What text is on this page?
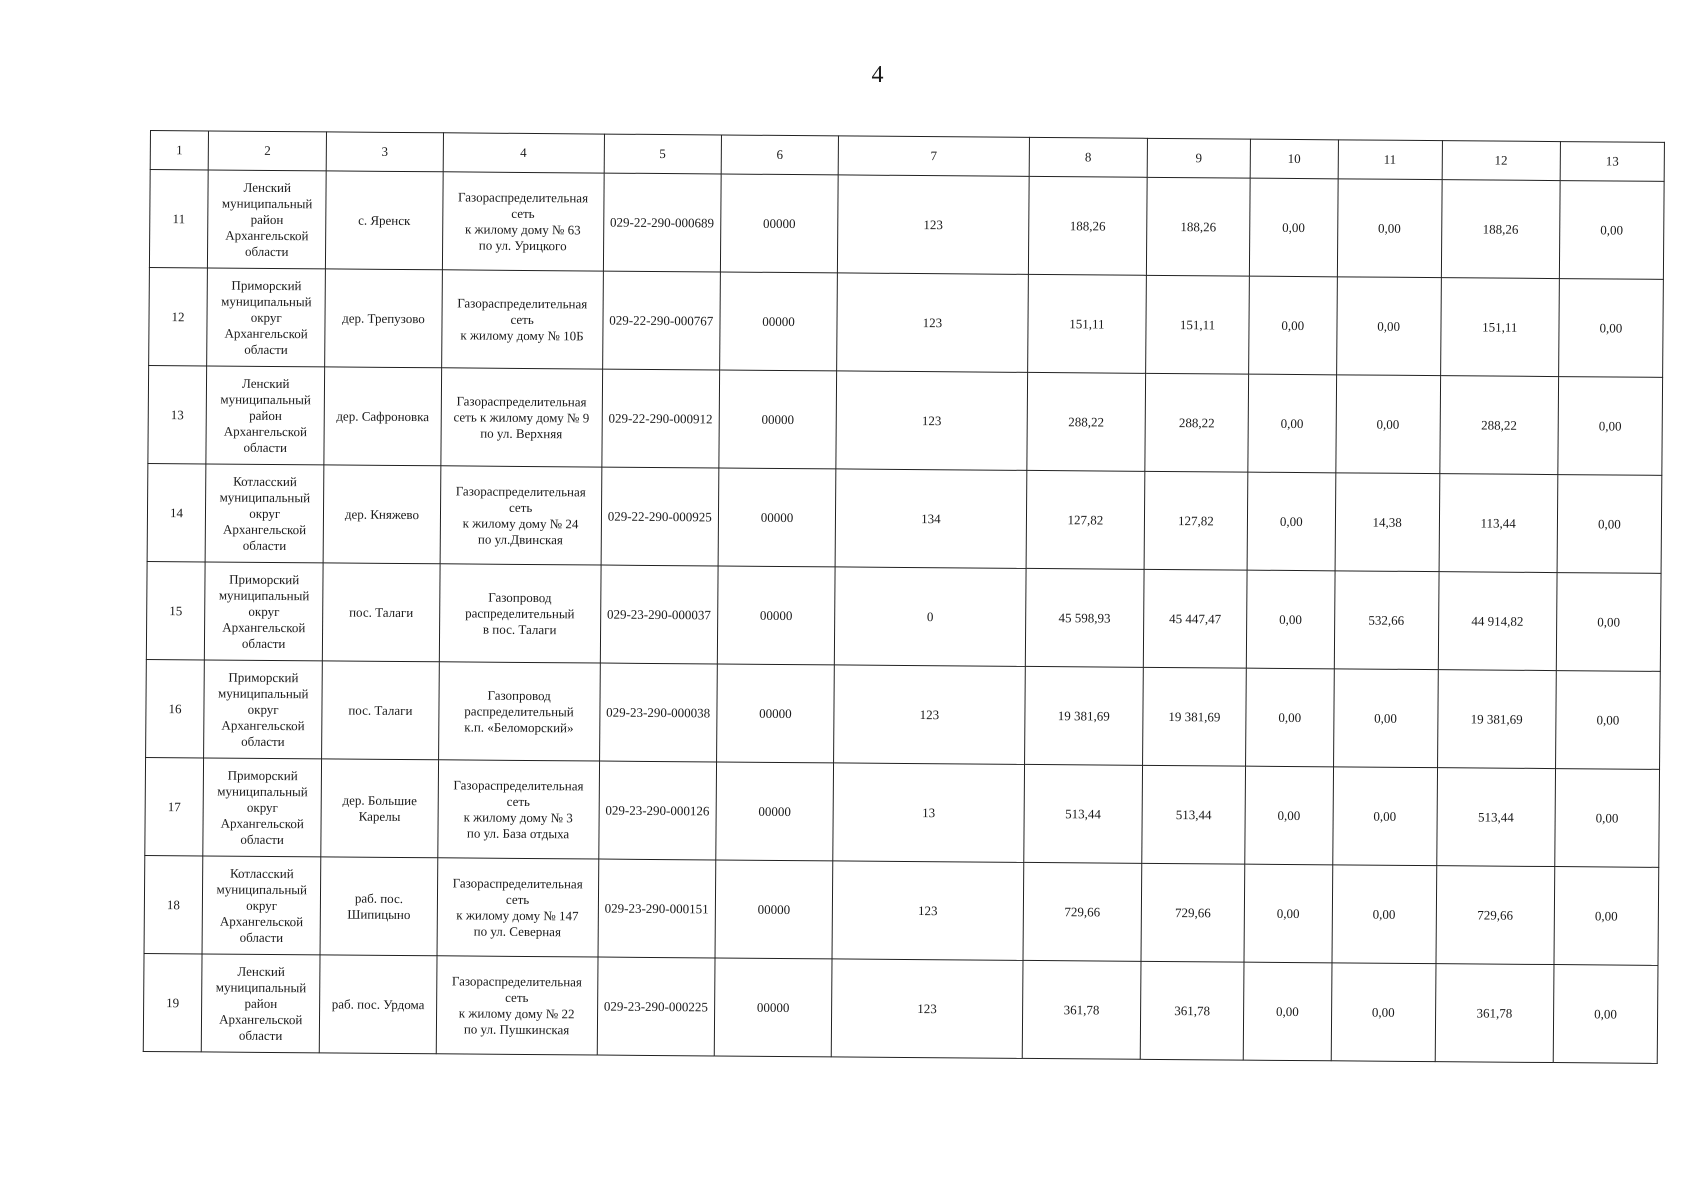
4
1	2	3	4	5	6	7	8	9	10	11	12	13
11	Ленский муниципальный район Архангельской области	с. Яренск	Газораспределительная сеть
к жилому дому № 63
по ул. Урицкого	029-22-290-000689	00000	123	188,26	188,26	0,00	0,00	188,26	0,00
12	Приморский муниципальный округ Архангельской области	дер. Трепузово	Газораспределительная сеть
к жилому дому № 10Б	029-22-290-000767	00000	123	151,11	151,11	0,00	0,00	151,11	0,00
13	Ленский муниципальный район Архангельской области	дер. Сафроновка	Газораспределительная сеть к жилому дому № 9
по ул. Верхняя	029-22-290-000912	00000	123	288,22	288,22	0,00	0,00	288,22	0,00
14	Котласский муниципальный округ Архангельской области	дер. Княжево	Газораспределительная сеть
к жилому дому № 24
по ул.Двинская	029-22-290-000925	00000	134	127,82	127,82	0,00	14,38	113,44	0,00
15	Приморский муниципальный округ Архангельской области	пос. Талаги	Газопровод распределительный
в пос. Талаги	029-23-290-000037	00000	0	45 598,93	45 447,47	0,00	532,66	44 914,82	0,00
16	Приморский муниципальный округ Архангельской области	пос. Талаги	Газопровод распределительный
к.п. «Беломорский»	029-23-290-000038	00000	123	19 381,69	19 381,69	0,00	0,00	19 381,69	0,00
17	Приморский муниципальный округ Архангельской области	дер. Большие Карелы	Газораспределительная сеть
к жилому дому № 3
по ул. База отдыха	029-23-290-000126	00000	13	513,44	513,44	0,00	0,00	513,44	0,00
18	Котласский муниципальный округ Архангельской области	раб. пос. Шипицыно	Газораспределительная сеть
к жилому дому № 147
по ул. Северная	029-23-290-000151	00000	123	729,66	729,66	0,00	0,00	729,66	0,00
19	Ленский муниципальный район Архангельской области	раб. пос. Урдома	Газораспределительная сеть
к жилому дому № 22
по ул. Пушкинская	029-23-290-000225	00000	123	361,78	361,78	0,00	0,00	361,78	0,00
